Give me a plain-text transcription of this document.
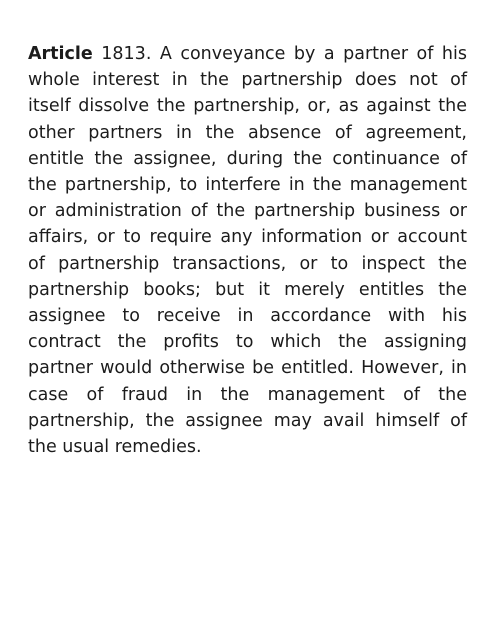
Article 1813. A conveyance by a partner of his whole interest in the partnership does not of itself dissolve the partnership, or, as against the other partners in the absence of agreement, entitle the assignee, during the continuance of the partnership, to interfere in the management or administration of the partnership business or affairs, or to require any information or account of partnership transactions, or to inspect the partnership books; but it merely entitles the assignee to receive in accordance with his contract the profits to which the assigning partner would otherwise be entitled. However, in case of fraud in the management of the partnership, the assignee may avail himself of the usual remedies.
